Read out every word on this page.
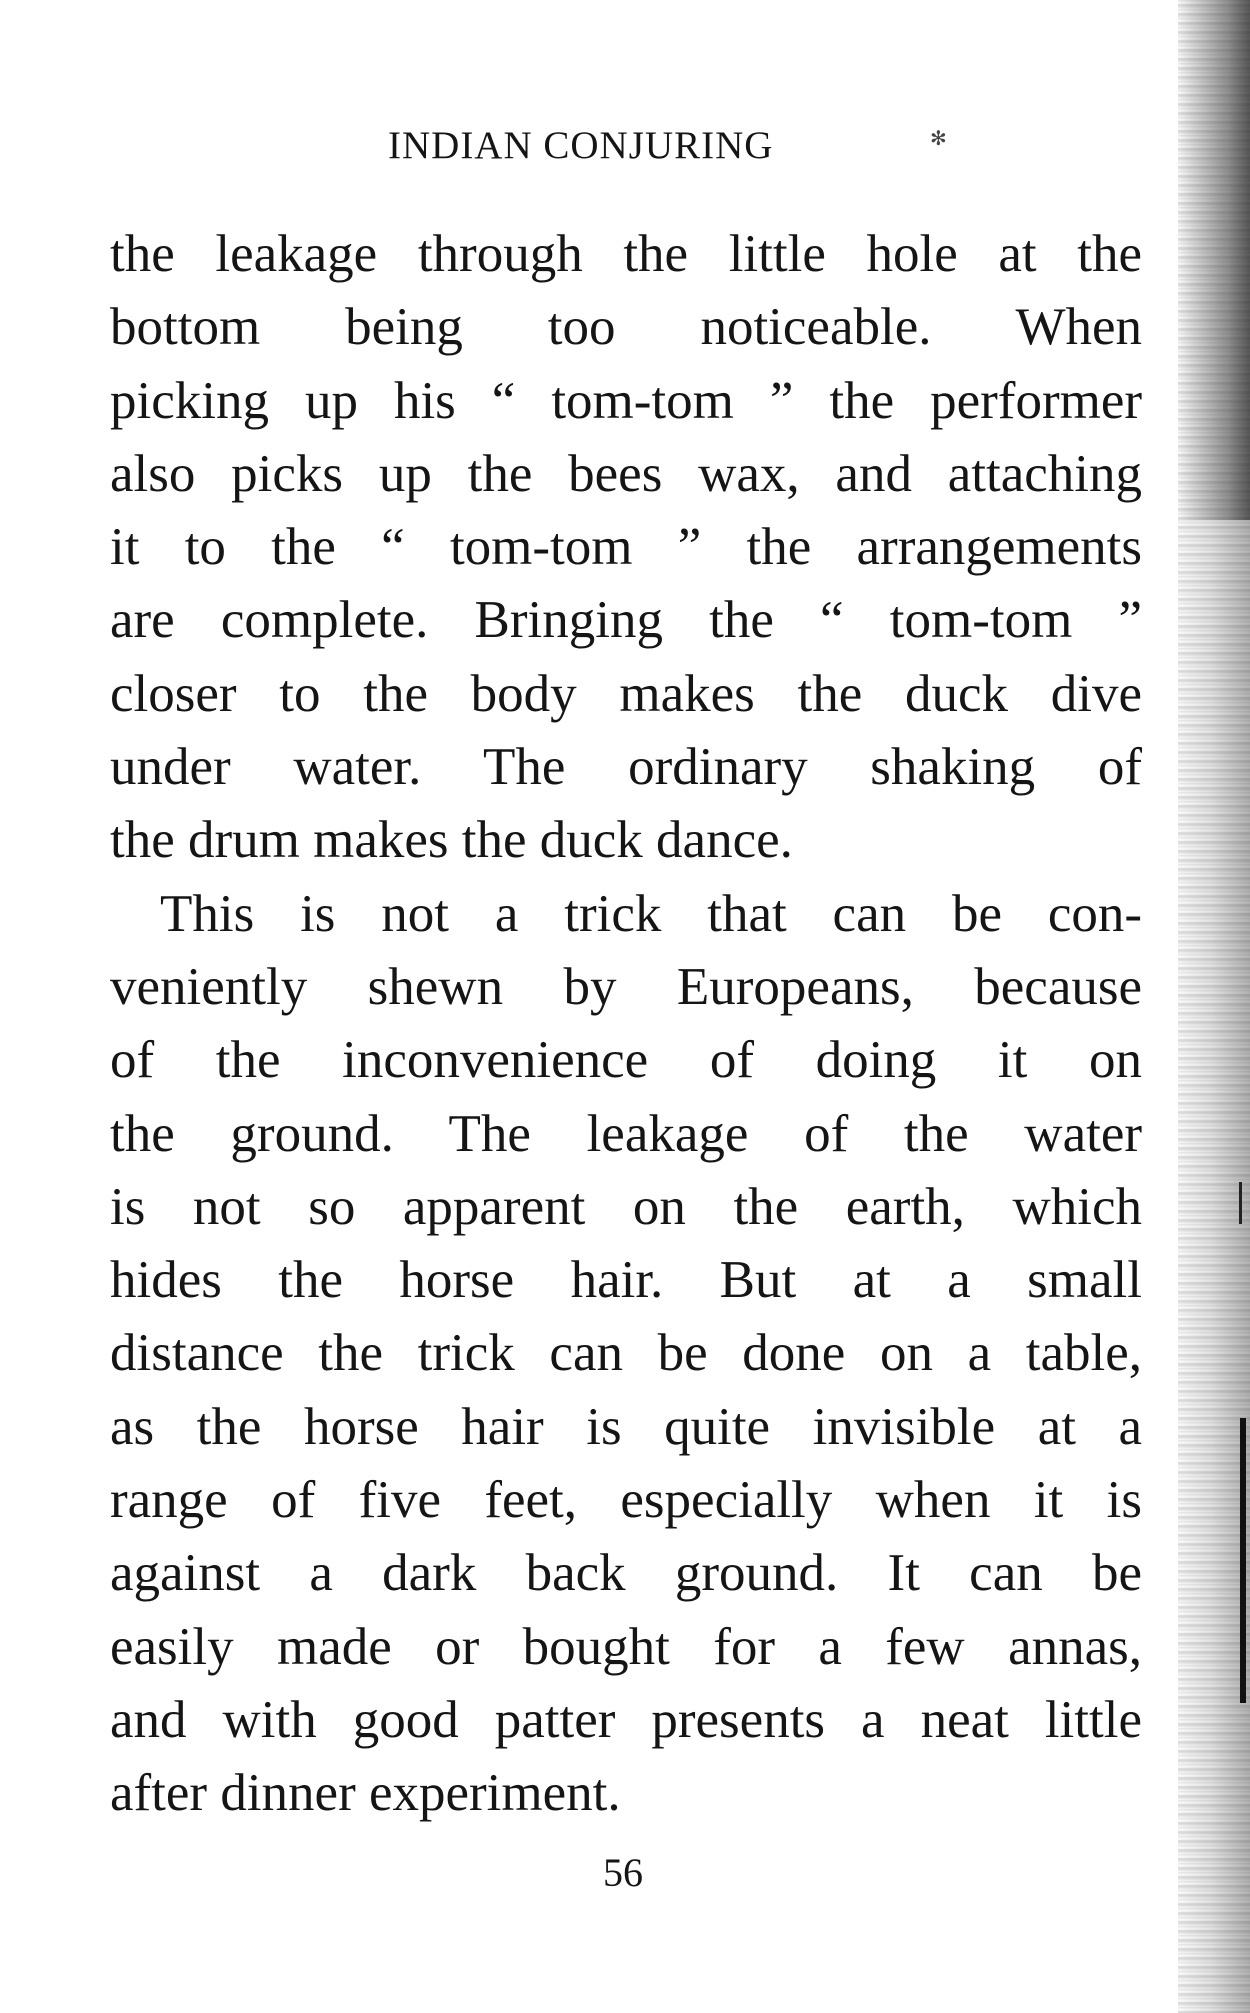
INDIAN CONJURING	✻
the leakage through the little hole at the
bottom being too noticeable. When
picking up his “ tom-tom ” the performer
also picks up the bees wax, and attaching
it to the “ tom-tom ” the arrangements
are complete. Bringing the “ tom-tom ”
closer to the body makes the duck dive
under water. The ordinary shaking of
the drum makes the duck dance.
This is not a trick that can be con-
veniently shewn by Europeans, because
of the inconvenience of doing it on
the ground. The leakage of the water
is not so apparent on the earth, which
hides the horse hair. But at a small
distance the trick can be done on a table,
as the horse hair is quite invisible at a
range of five feet, especially when it is
against a dark back ground. It can be
easily made or bought for a few annas,
and with good patter presents a neat little
after dinner experiment.
56
